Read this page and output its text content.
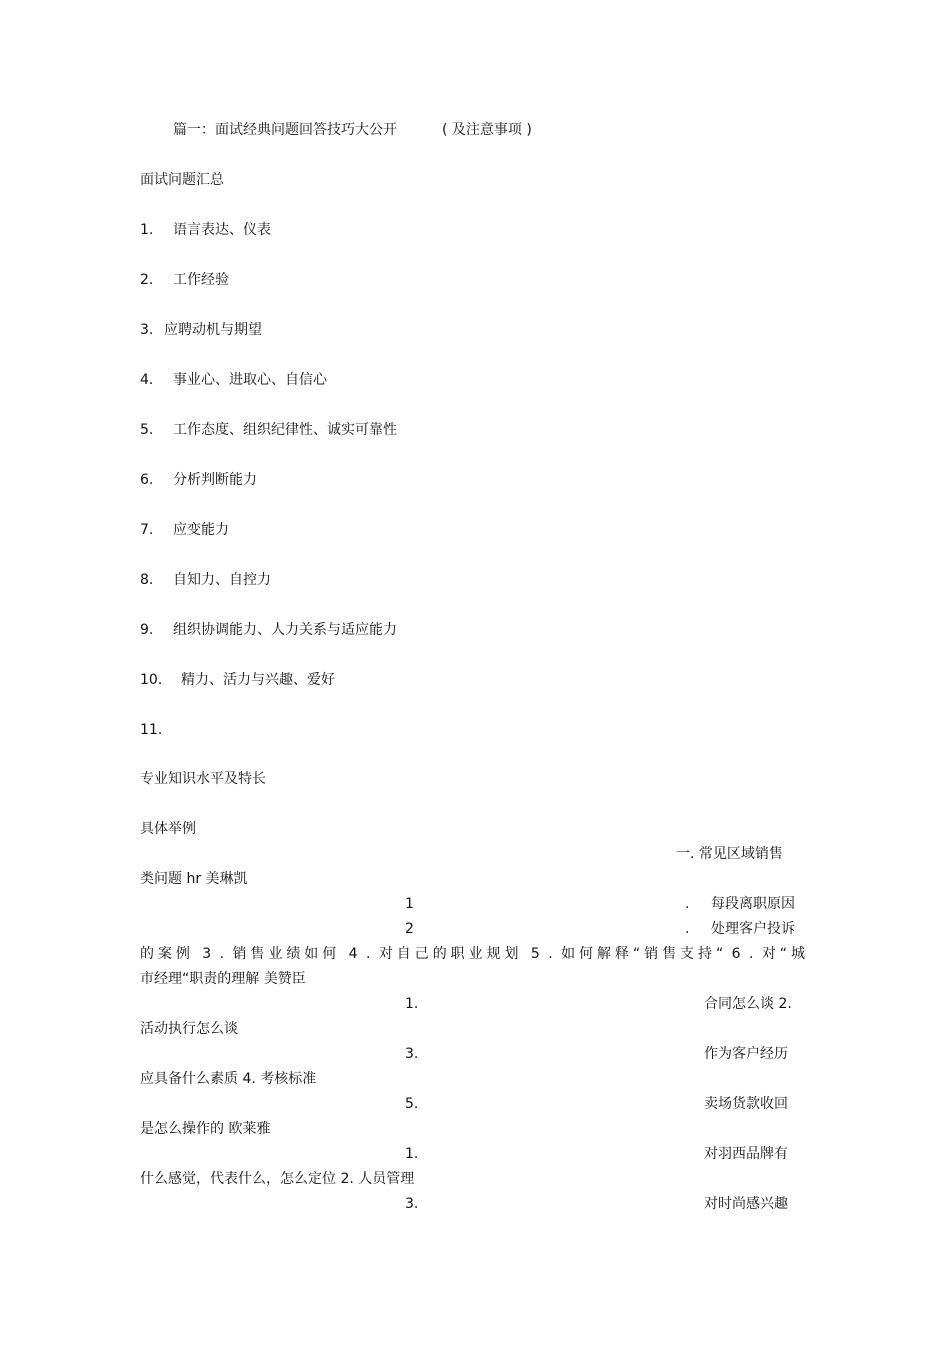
篇一：面试经典问题回答技巧大公开	( 及注意事项 )
面试问题汇总
1. 语言表达、仪表
2. 工作经验
3. 应聘动机与期望
4. 事业心、进取心、自信心
5. 工作态度、组织纪律性、诚实可靠性
6. 分析判断能力
7. 应变能力
8. 自知力、自控力
9. 组织协调能力、人力关系与适应能力
10. 精力、活力与兴趣、爱好
11.
专业知识水平及特长
具体举例
一. 常见区域销售
类问题 hr 美琳凯
1	. 每段离职原因
2	. 处理客户投诉
的案例 3 . 销售业绩如何 4 . 对自己的职业规划 5 . 如何解释“销售支持“ 6 . 对“城
市经理“职责的理解 美赞臣
1.	合同怎么谈 2.
活动执行怎么谈
3.	作为客户经历
应具备什么素质 4. 考核标准
5.	卖场货款收回
是怎么操作的 欧莱雅
1.	对羽西品牌有
什么感觉，代表什么，怎么定位 2. 人员管理
3.	对时尚感兴趣
